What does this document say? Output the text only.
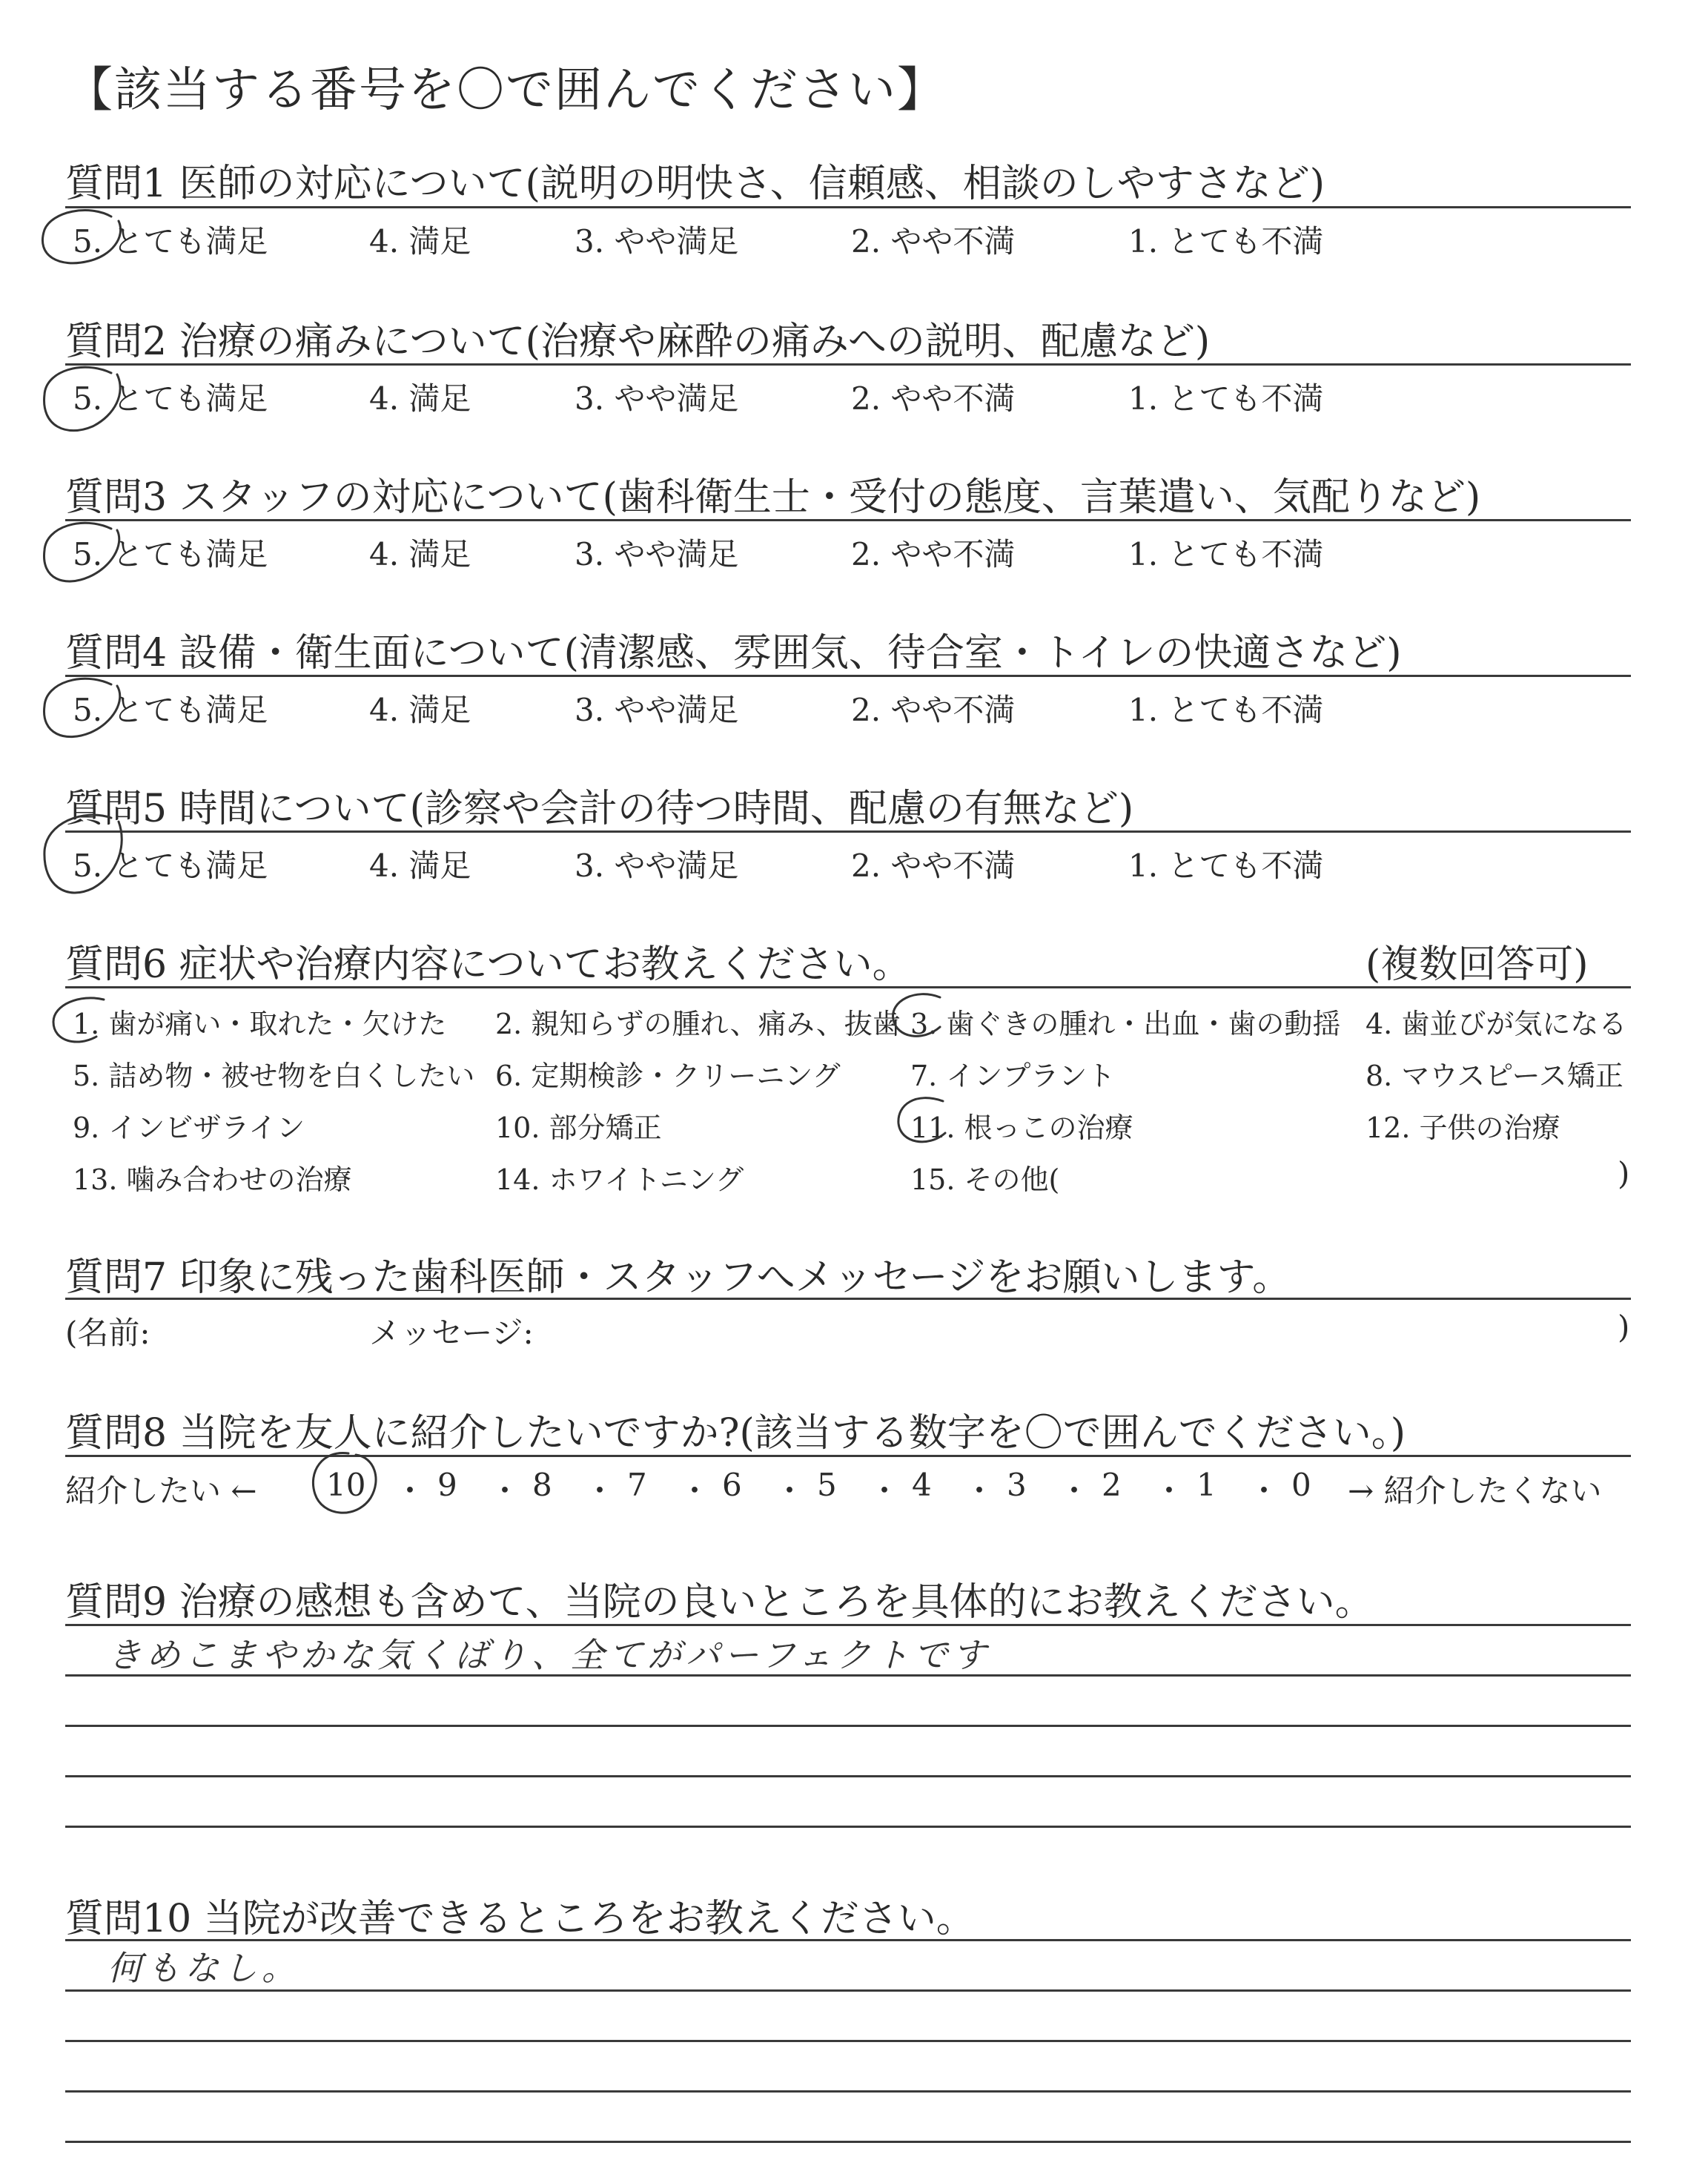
【該当する番号を〇で囲んでください】
質問1 医師の対応について(説明の明快さ、信頼感、相談のしやすさなど)
5. とても満足	4. 満足	3. やや満足	2. やや不満	1. とても不満
質問2 治療の痛みについて(治療や麻酔の痛みへの説明、配慮など)
5. とても満足	4. 満足	3. やや満足	2. やや不満	1. とても不満
質問3 スタッフの対応について(歯科衛生士・受付の態度、言葉遣い、気配りなど)
5. とても満足	4. 満足	3. やや満足	2. やや不満	1. とても不満
質問4 設備・衛生面について(清潔感、雰囲気、待合室・トイレの快適さなど)
5. とても満足	4. 満足	3. やや満足	2. やや不満	1. とても不満
質問5 時間について(診察や会計の待つ時間、配慮の有無など)
5. とても満足	4. 満足	3. やや満足	2. やや不満	1. とても不満
質問6 症状や治療内容についてお教えください。	(複数回答可)
1. 歯が痛い・取れた・欠けた 2. 親知らずの腫れ、痛み、抜歯 3. 歯ぐきの腫れ・出血・歯の動揺 4. 歯並びが気になる
5. 詰め物・被せ物を白くしたい 6. 定期検診・クリーニング 7. インプラント	8. マウスピース矯正
9. インビザライン	10. 部分矯正	11. 根っこの治療	12. 子供の治療
13. 噛み合わせの治療	14. ホワイトニング	15. その他(	)
質問7 印象に残った歯科医師・スタッフへメッセージをお願いします。
(名前:	メッセージ:	)
質問8 当院を友人に紹介したいですか?(該当する数字を〇で囲んでください。)
紹介したい ← 10 ・ 9 ・ 8 ・ 7 ・ 6 ・ 5 ・ 4 ・ 3 ・ 2 ・ 1 ・ 0 → 紹介したくない
質問9 治療の感想も含めて、当院の良いところを具体的にお教えください。
きめこまやかな気くばり、全てがパーフェクトです
質問10 当院が改善できるところをお教えください。
何もなし。
